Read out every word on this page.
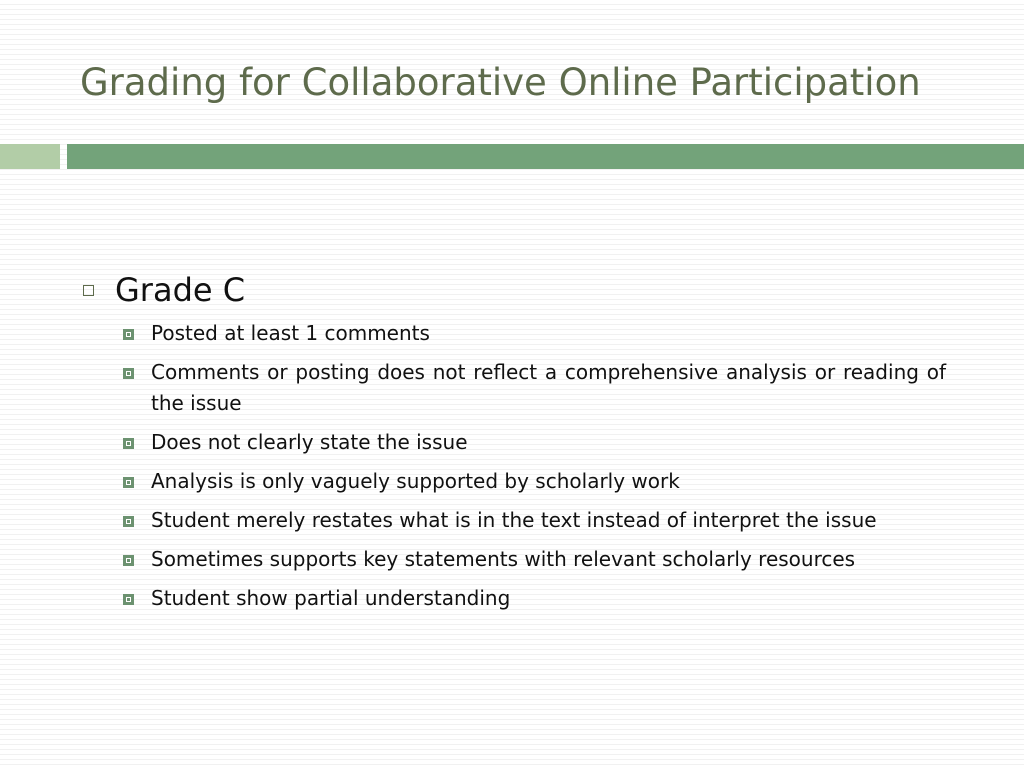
Grading for Collaborative Online Participation
Grade C
Posted at least 1 comments
Comments or posting does not reflect a comprehensive analysis or reading of the issue
Does not clearly state the issue
Analysis is only vaguely supported by scholarly work
Student merely restates what is in the text instead of interpret the issue
Sometimes supports key statements with relevant scholarly resources
Student show partial understanding
